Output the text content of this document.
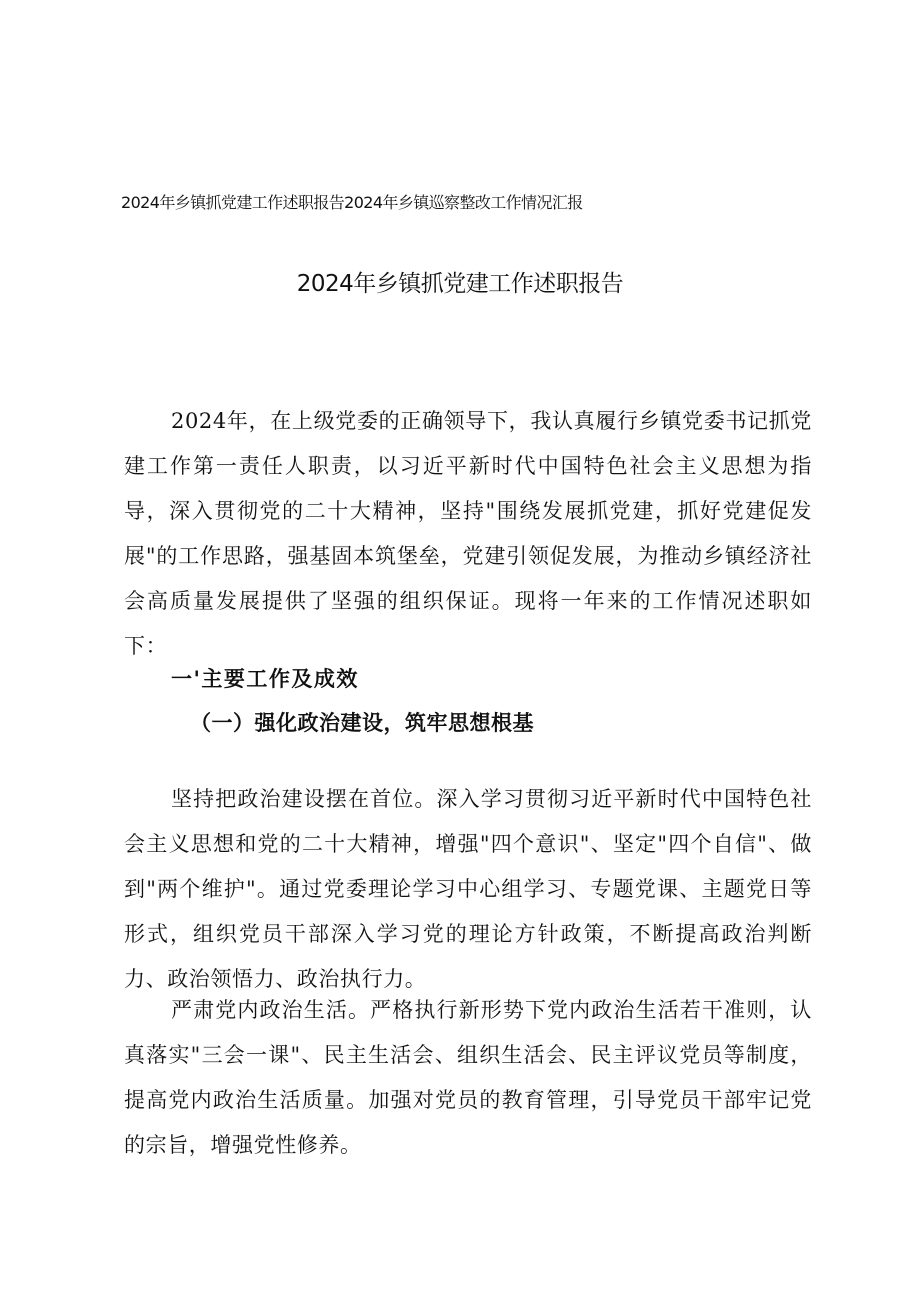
2024年乡镇抓党建工作述职报告2024年乡镇巡察整改工作情况汇报
2024年乡镇抓党建工作述职报告

2024年，在上级党委的正确领导下，我认真履行乡镇党委书记抓党建工作第一责任人职责，以习近平新时代中国特色社会主义思想为指导，深入贯彻党的二十大精神，坚持"围绕发展抓党建，抓好党建促发展"的工作思路，强基固本筑堡垒，党建引领促发展，为推动乡镇经济社会高质量发展提供了坚强的组织保证。现将一年来的工作情况述职如下：

一'主要工作及成效
（一）强化政治建设，筑牢思想根基

坚持把政治建设摆在首位。深入学习贯彻习近平新时代中国特色社会主义思想和党的二十大精神，增强"四个意识"、坚定"四个自信"、做到"两个维护"。通过党委理论学习中心组学习、专题党课、主题党日等形式，组织党员干部深入学习党的理论方针政策，不断提高政治判断力、政治领悟力、政治执行力。

严肃党内政治生活。严格执行新形势下党内政治生活若干准则，认真落实"三会一课"、民主生活会、组织生活会、民主评议党员等制度，提高党内政治生活质量。加强对党员的教育管理，引导党员干部牢记党的宗旨，增强党性修养。
